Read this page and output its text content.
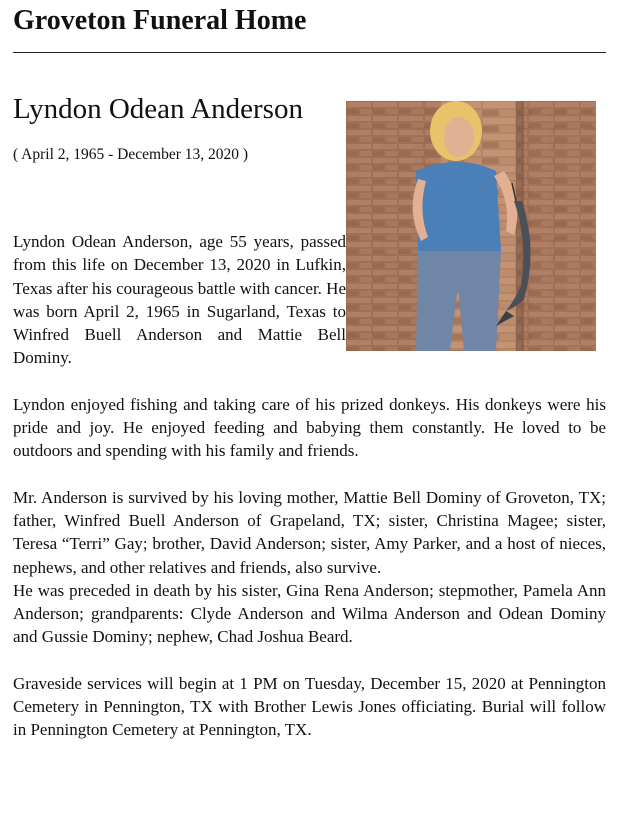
Groveton Funeral Home
Lyndon Odean Anderson
( April 2, 1965 - December 13, 2020 )

Lyndon Odean Anderson, age 55 years, passed from this life on December 13, 2020 in Lufkin, Texas after his courageous battle with cancer. He was born April 2, 1965 in Sugarland, Texas to Winfred Buell Anderson and Mattie Bell Dominy.

Lyndon enjoyed fishing and taking care of his prized donkeys. His donkeys were his pride and joy. He enjoyed feeding and babying them constantly. He loved to be outdoors and spending with his family and friends.

Mr. Anderson is survived by his loving mother, Mattie Bell Dominy of Groveton, TX; father, Winfred Buell Anderson of Grapeland, TX; sister, Christina Magee; sister, Teresa “Terri” Gay; brother, David Anderson; sister, Amy Parker, and a host of nieces, nephews, and other relatives and friends, also survive.

He was preceded in death by his sister, Gina Rena Anderson; stepmother, Pamela Ann Anderson; grandparents: Clyde Anderson and Wilma Anderson and Odean Dominy and Gussie Dominy; nephew, Chad Joshua Beard.

Graveside services will begin at 1 PM on Tuesday, December 15, 2020 at Pennington Cemetery in Pennington, TX with Brother Lewis Jones officiating. Burial will follow in Pennington Cemetery at Pennington, TX.
